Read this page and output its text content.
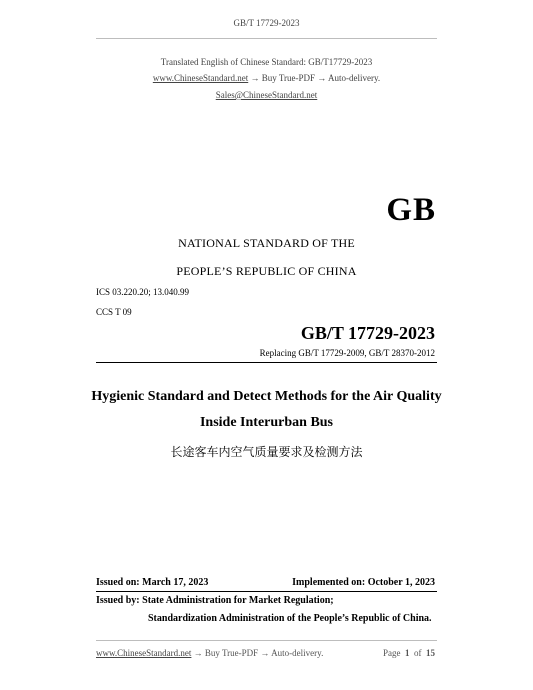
GB/T 17729-2023
Translated English of Chinese Standard: GB/T17729-2023
www.ChineseStandard.net → Buy True-PDF → Auto-delivery.
Sales@ChineseStandard.net
GB
NATIONAL STANDARD OF THE
PEOPLE’S REPUBLIC OF CHINA
ICS 03.220.20; 13.040.99
CCS T 09
GB/T 17729-2023
Replacing GB/T 17729-2009, GB/T 28370-2012
Hygienic Standard and Detect Methods for the Air Quality
Inside Interurban Bus
长途客车内空气质量要求及检测方法
Issued on: March 17, 2023	Implemented on: October 1, 2023
Issued by: State Administration for Market Regulation;
Standardization Administration of the People’s Republic of China.
www.ChineseStandard.net → Buy True-PDF → Auto-delivery.	Page 1 of 15
